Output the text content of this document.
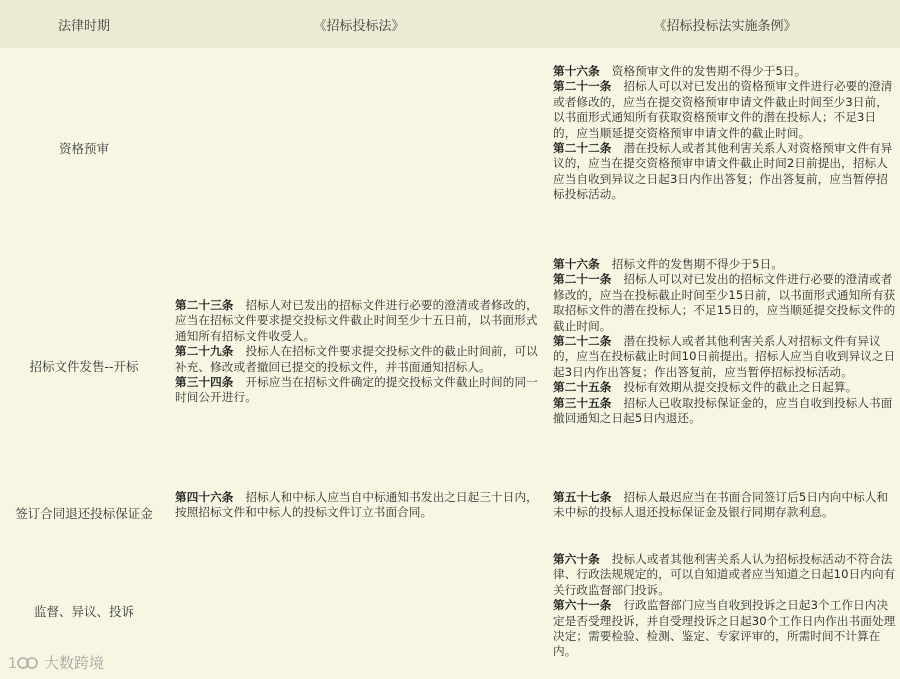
法律时期	《招标投标法》	《招标投标法实施条例》
资格预审
第十六条 资格预审文件的发售期不得少于5日。
第二十一条 招标人可以对已发出的资格预审文件进行必要的澄清或者修改的，应当在提交资格预审申请文件截止时间至少3日前，以书面形式通知所有获取资格预审文件的潜在投标人；不足3日的，应当顺延提交资格预审申请文件的截止时间。
第二十二条 潜在投标人或者其他利害关系人对资格预审文件有异议的，应当在提交资格预审申请文件截止时间2日前提出，招标人应当自收到异议之日起3日内作出答复；作出答复前，应当暂停招标投标活动。
招标文件发售--开标
第二十三条 招标人对已发出的招标文件进行必要的澄清或者修改的，应当在招标文件要求提交投标文件截止时间至少十五日前，以书面形式通知所有招标文件收受人。
第二十九条 投标人在招标文件要求提交投标文件的截止时间前，可以补充、修改或者撤回已提交的投标文件，并书面通知招标人。
第三十四条 开标应当在招标文件确定的提交投标文件截止时间的同一时间公开进行。
第十六条 招标文件的发售期不得少于5日。
第二十一条 招标人可以对已发出的招标文件进行必要的澄清或者修改的，应当在投标截止时间至少15日前，以书面形式通知所有获取招标文件的潜在投标人；不足15日的，应当顺延提交投标文件的截止时间。
第二十二条 潜在投标人或者其他利害关系人对招标文件有异议的，应当在投标截止时间10日前提出。招标人应当自收到异议之日起3日内作出答复；作出答复前，应当暂停招标投标活动。
第二十五条 投标有效期从提交投标文件的截止之日起算。
第三十五条 招标人已收取投标保证金的，应当自收到投标人书面撤回通知之日起5日内退还。
签订合同退还投标保证金
第四十六条 招标人和中标人应当自中标通知书发出之日起三十日内，按照招标文件和中标人的投标文件订立书面合同。
第五十七条 招标人最迟应当在书面合同签订后5日内向中标人和未中标的投标人退还投标保证金及银行同期存款利息。
监督、异议、投诉
第六十条 投标人或者其他利害关系人认为招标投标活动不符合法律、行政法规规定的，可以自知道或者应当知道之日起10日内向有关行政监督部门投诉。
第六十一条 行政监督部门应当自收到投诉之日起3个工作日内决定是否受理投诉，并自受理投诉之日起30个工作日内作出书面处理决定；需要检验、检测、鉴定、专家评审的，所需时间不计算在内。
1 大数跨境
